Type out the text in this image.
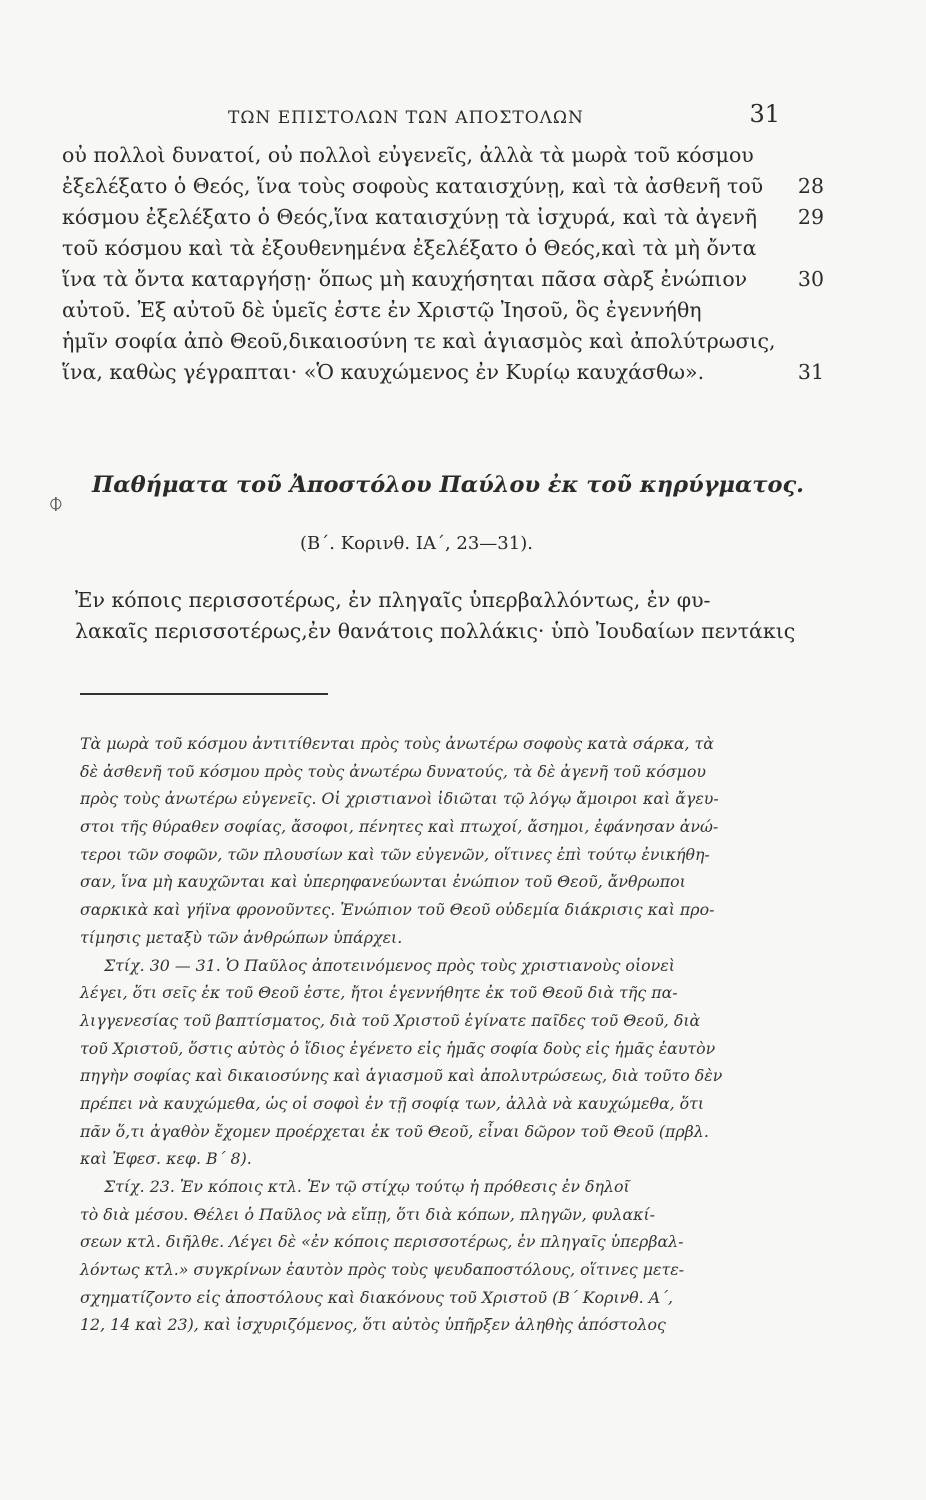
ΤΩΝ ΕΠΙΣΤΟΛΩΝ ΤΩΝ ΑΠΟΣΤΟΛΩΝ	31
οὐ πολλοὶ δυνατοί, οὐ πολλοὶ εὐγενεῖς, ἀλλὰ τὰ μωρὰ τοῦ κόσμου
ἐξελέξατο ὁ Θεός, ἵνα τοὺς σοφοὺς καταισχύνῃ, καὶ τὰ ἀσθενῆ τοῦ 28
κόσμου ἐξελέξατο ὁ Θεός,ἵνα καταισχύνῃ τὰ ἰσχυρά, καὶ τὰ ἀγενῆ 29
τοῦ κόσμου καὶ τὰ ἐξουθενημένα ἐξελέξατο ὁ Θεός,καὶ τὰ μὴ ὄντα
ἵνα τὰ ὄντα καταργήσῃ· ὅπως μὴ καυχήσηται πᾶσα σὰρξ ἐνώπιον 30
αὐτοῦ. Ἐξ αὐτοῦ δὲ ὑμεῖς ἐστε ἐν Χριστῷ Ἰησοῦ, ὃς ἐγεννήθη
ἡμῖν σοφία ἀπὸ Θεοῦ,δικαιοσύνη τε καὶ ἁγιασμὸς καὶ ἀπολύτρωσις,
ἵνα, καθὼς γέγραπται· «Ὁ καυχώμενος ἐν Κυρίῳ καυχάσθω».	31
⌽
Παθήματα τοῦ Ἀποστόλου Παύλου ἐκ τοῦ κηρύγματος.
(Β΄. Κορινθ. ΙΑ΄, 23—31).
Ἐν κόποις περισσοτέρως, ἐν πληγαῖς ὑπερβαλλόντως, ἐν φυ-
λακαῖς περισσοτέρως,ἐν θανάτοις πολλάκις· ὑπὸ Ἰουδαίων πεντάκις
Τὰ μωρὰ τοῦ κόσμου ἀντιτίθενται πρὸς τοὺς ἀνωτέρω σοφοὺς κατὰ σάρκα, τὰ
δὲ ἀσθενῆ τοῦ κόσμου πρὸς τοὺς ἀνωτέρω δυνατούς, τὰ δὲ ἀγενῆ τοῦ κόσμου
πρὸς τοὺς ἀνωτέρω εὐγενεῖς. Οἱ χριστιανοὶ ἰδιῶται τῷ λόγῳ ἄμοιροι καὶ ἄγευ-
στοι τῆς θύραθεν σοφίας, ἄσοφοι, πένητες καὶ πτωχοί, ἄσημοι, ἐφάνησαν ἀνώ-
τεροι τῶν σοφῶν, τῶν πλουσίων καὶ τῶν εὐγενῶν, οἵτινες ἐπὶ τούτῳ ἐνικήθη-
σαν, ἵνα μὴ καυχῶνται καὶ ὑπερηφανεύωνται ἐνώπιον τοῦ Θεοῦ, ἄνθρωποι
σαρκικὰ καὶ γήϊνα φρονοῦντες. Ἐνώπιον τοῦ Θεοῦ οὐδεμία διάκρισις καὶ προ-
τίμησις μεταξὺ τῶν ἀνθρώπων ὑπάρχει.
Στίχ. 30 — 31. Ὁ Παῦλος ἀποτεινόμενος πρὸς τοὺς χριστιανοὺς οἱονεὶ
λέγει, ὅτι σεῖς ἐκ τοῦ Θεοῦ ἐστε, ἤτοι ἐγεννήθητε ἐκ τοῦ Θεοῦ διὰ τῆς πα-
λιγγενεσίας τοῦ βαπτίσματος, διὰ τοῦ Χριστοῦ ἐγίνατε παῖδες τοῦ Θεοῦ, διὰ
τοῦ Χριστοῦ, ὅστις αὐτὸς ὁ ἴδιος ἐγένετο εἰς ἡμᾶς σοφία δοὺς εἰς ἡμᾶς ἑαυτὸν
πηγὴν σοφίας καὶ δικαιοσύνης καὶ ἁγιασμοῦ καὶ ἀπολυτρώσεως, διὰ τοῦτο δὲν
πρέπει νὰ καυχώμεθα, ὡς οἱ σοφοὶ ἐν τῇ σοφίᾳ των, ἀλλὰ νὰ καυχώμεθα, ὅτι
πᾶν ὅ,τι ἀγαθὸν ἔχομεν προέρχεται ἐκ τοῦ Θεοῦ, εἶναι δῶρον τοῦ Θεοῦ (πρβλ.
καὶ Ἐφεσ. κεφ. Β΄ 8).
Στίχ. 23. Ἐν κόποις κτλ. Ἐν τῷ στίχῳ τούτῳ ἡ πρόθεσις ἐν δηλοῖ
τὸ διὰ μέσου. Θέλει ὁ Παῦλος νὰ εἴπῃ, ὅτι διὰ κόπων, πληγῶν, φυλακί-
σεων κτλ. διῆλθε. Λέγει δὲ «ἐν κόποις περισσοτέρως, ἐν πληγαῖς ὑπερβαλ-
λόντως κτλ.» συγκρίνων ἑαυτὸν πρὸς τοὺς ψευδαποστόλους, οἵτινες μετε-
σχηματίζοντο εἰς ἀποστόλους καὶ διακόνους τοῦ Χριστοῦ (Β΄ Κορινθ. Α΄,
12, 14 καὶ 23), καὶ ἰσχυριζόμενος, ὅτι αὐτὸς ὑπῆρξεν ἀληθὴς ἀπόστολος
